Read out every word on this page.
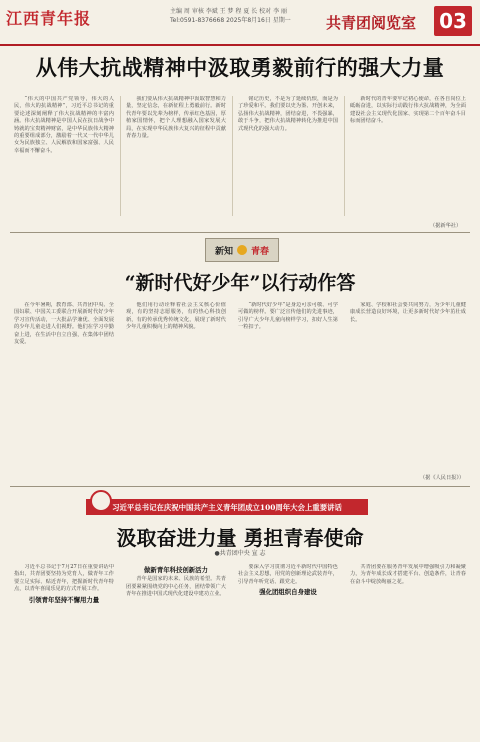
江西青年报	主编 周 审核 李斌 王 梦 程 夏 长 校对 李 丽
Tel:0591-8376668 2025年8月16日 星期一	共青团阅览室 03
从伟大抗战精神中汲取勇毅前行的强大力量

“伟大的中国共产党领导，伟大的人民，伟大的抗战精神”，习近平总书记的重要论述深刻阐释了伟大抗战精神的丰富内涵。伟大抗战精神是中国人民在抗日战争中铸就的宝贵精神财富，是中华民族伟大精神的重要组成部分，激励着一代又一代中华儿女为民族独立、人民解放和国家富强、人民幸福而不懈奋斗。

我们要从伟大抗战精神中汲取智慧和力量，坚定信念，在新征程上勇毅前行。新时代青年要以先辈为榜样，传承红色基因，厚植家国情怀，把个人理想融入国家发展大局，在实现中华民族伟大复兴的征程中贡献青春力量。

铭记历史，不是为了延续仇恨，而是为了珍爱和平。我们要以史为鉴、开创未来，弘扬伟大抗战精神，团结奋进，不畏强暴，敢于斗争，把伟大抗战精神转化为推进中国式现代化的强大动力。

新时代的青年要牢记初心使命，在各自岗位上砥砺奋进，以实际行动践行伟大抗战精神，为全面建设社会主义现代化国家、实现第二个百年奋斗目标而团结奋斗。

（据新华社）
新知 青春
“新时代好少年”以行动作答

在今年暑期，教育部、共青团中央、全国妇联、中国关工委联合开展新时代好少年学习宣传活动，一大批品学兼优、全面发展的少年儿童走进人们视野。他们在学习中勤奋上进，在生活中自立自强，在集体中团结友爱。

他们用行动诠释着社会主义核心价值观，有的坚持志愿服务，有的热心科技创新，有的传承优秀传统文化，展现了新时代少年儿童积极向上的精神风貌。

“新时代好少年”是身边可亲可敬、可学可做的榜样。要广泛宣传他们的先进事迹，引导广大少年儿童向榜样学习，扣好人生第一粒扣子。

家庭、学校和社会要共同努力，为少年儿童健康成长营造良好环境，让更多新时代好少年茁壮成长。

（据《人民日报》）
习近平总书记在庆祝中国共产主义青年团成立100周年大会上重要讲话
汲取奋进力量 勇担青春使命
●共青团中央 宣 志

习近平总书记于7月27日在重要讲话中指出，共青团要坚持为党育人，做青年工作要立足实际、贴近青年，把握新时代青年特点，以青年喜闻乐见的方式开展工作。

引领青年坚持不懈用力量
做新青年科技创新活力

青年是国家的未来、民族的希望。共青团要紧紧围绕党的中心任务，团结带领广大青年在推进中国式现代化建设中建功立业。

要深入学习贯彻习近平新时代中国特色社会主义思想，用党的创新理论武装青年，引导青年听党话、跟党走。

强化团组织自身建设

共青团要在服务青年发展中增强吸引力和凝聚力，为青年成长成才搭建平台、创造条件，让青春在奋斗中绽放绚丽之花。
